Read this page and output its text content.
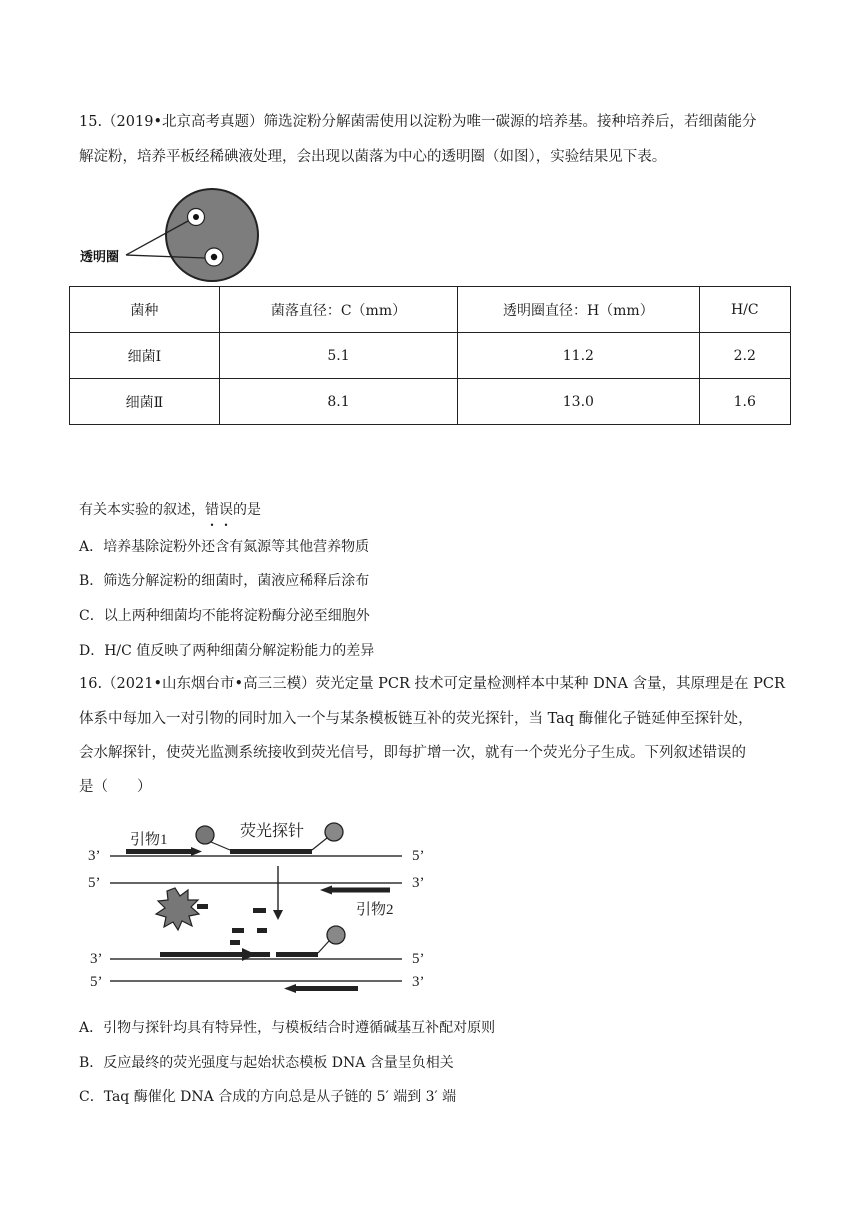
15.（2019•北京高考真题）筛选淀粉分解菌需使用以淀粉为唯一碳源的培养基。接种培养后，若细菌能分

解淀粉，培养平板经稀碘液处理，会出现以菌落为中心的透明圈（如图），实验结果见下表。

透明圈
菌种	菌落直径：C（mm）	透明圈直径：H（mm）	H/C
细菌Ⅰ	5.1	11.2	2.2
细菌Ⅱ	8.1	13.0	1.6

有关本实验的叙述，错误的是

A．培养基除淀粉外还含有氮源等其他营养物质

B．筛选分解淀粉的细菌时，菌液应稀释后涂布

C．以上两种细菌均不能将淀粉酶分泌至细胞外

D．H/C 值反映了两种细菌分解淀粉能力的差异

16.（2021•山东烟台市•高三三模）荧光定量 PCR 技术可定量检测样本中某种 DNA 含量，其原理是在 PCR

体系中每加入一对引物的同时加入一个与某条模板链互补的荧光探针，当 Taq 酶催化子链延伸至探针处，

会水解探针，使荧光监测系统接收到荧光信号，即每扩增一次，就有一个荧光分子生成。下列叙述错误的

是（　　）

3’	5’
5’	3’
引物1	荧光探针
引物2
3’	5’
5’	3’

A．引物与探针均具有特异性，与模板结合时遵循碱基互补配对原则

B．反应最终的荧光强度与起始状态模板 DNA 含量呈负相关

C．Taq 酶催化 DNA 合成的方向总是从子链的 5′ 端到 3′ 端
